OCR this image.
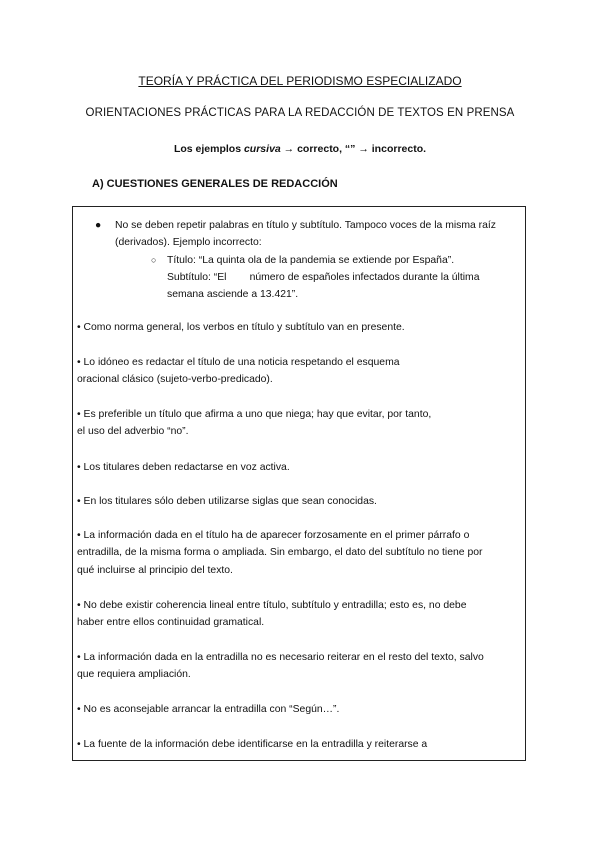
TEORÍA Y PRÁCTICA DEL PERIODISMO ESPECIALIZADO
ORIENTACIONES PRÁCTICAS PARA LA REDACCIÓN DE TEXTOS EN PRENSA
Los ejemplos cursiva → correcto, “” → incorrecto.
A) CUESTIONES GENERALES DE REDACCIÓN
● No se deben repetir palabras en título y subtítulo. Tampoco voces de la misma raíz
(derivados). Ejemplo incorrecto:
○ Título: “La quinta ola de la pandemia se extiende por España”.
Subtítulo: “El        número de españoles infectados durante la última
semana asciende a 13.421”.
• Como norma general, los verbos en título y subtítulo van en presente.
• Lo idóneo es redactar el título de una noticia respetando el esquema
oracional clásico (sujeto-verbo-predicado).
• Es preferible un título que afirma a uno que niega; hay que evitar, por tanto,
el uso del adverbio “no”.
• Los titulares deben redactarse en voz activa.
• En los titulares sólo deben utilizarse siglas que sean conocidas.
• La información dada en el título ha de aparecer forzosamente en el primer párrafo o
entradilla, de la misma forma o ampliada. Sin embargo, el dato del subtítulo no tiene por
qué incluirse al principio del texto.
• No debe existir coherencia lineal entre título, subtítulo y entradilla; esto es, no debe
haber entre ellos continuidad gramatical.
• La información dada en la entradilla no es necesario reiterar en el resto del texto, salvo
que requiera ampliación.
• No es aconsejable arrancar la entradilla con “Según…”.
• La fuente de la información debe identificarse en la entradilla y reiterarse a
